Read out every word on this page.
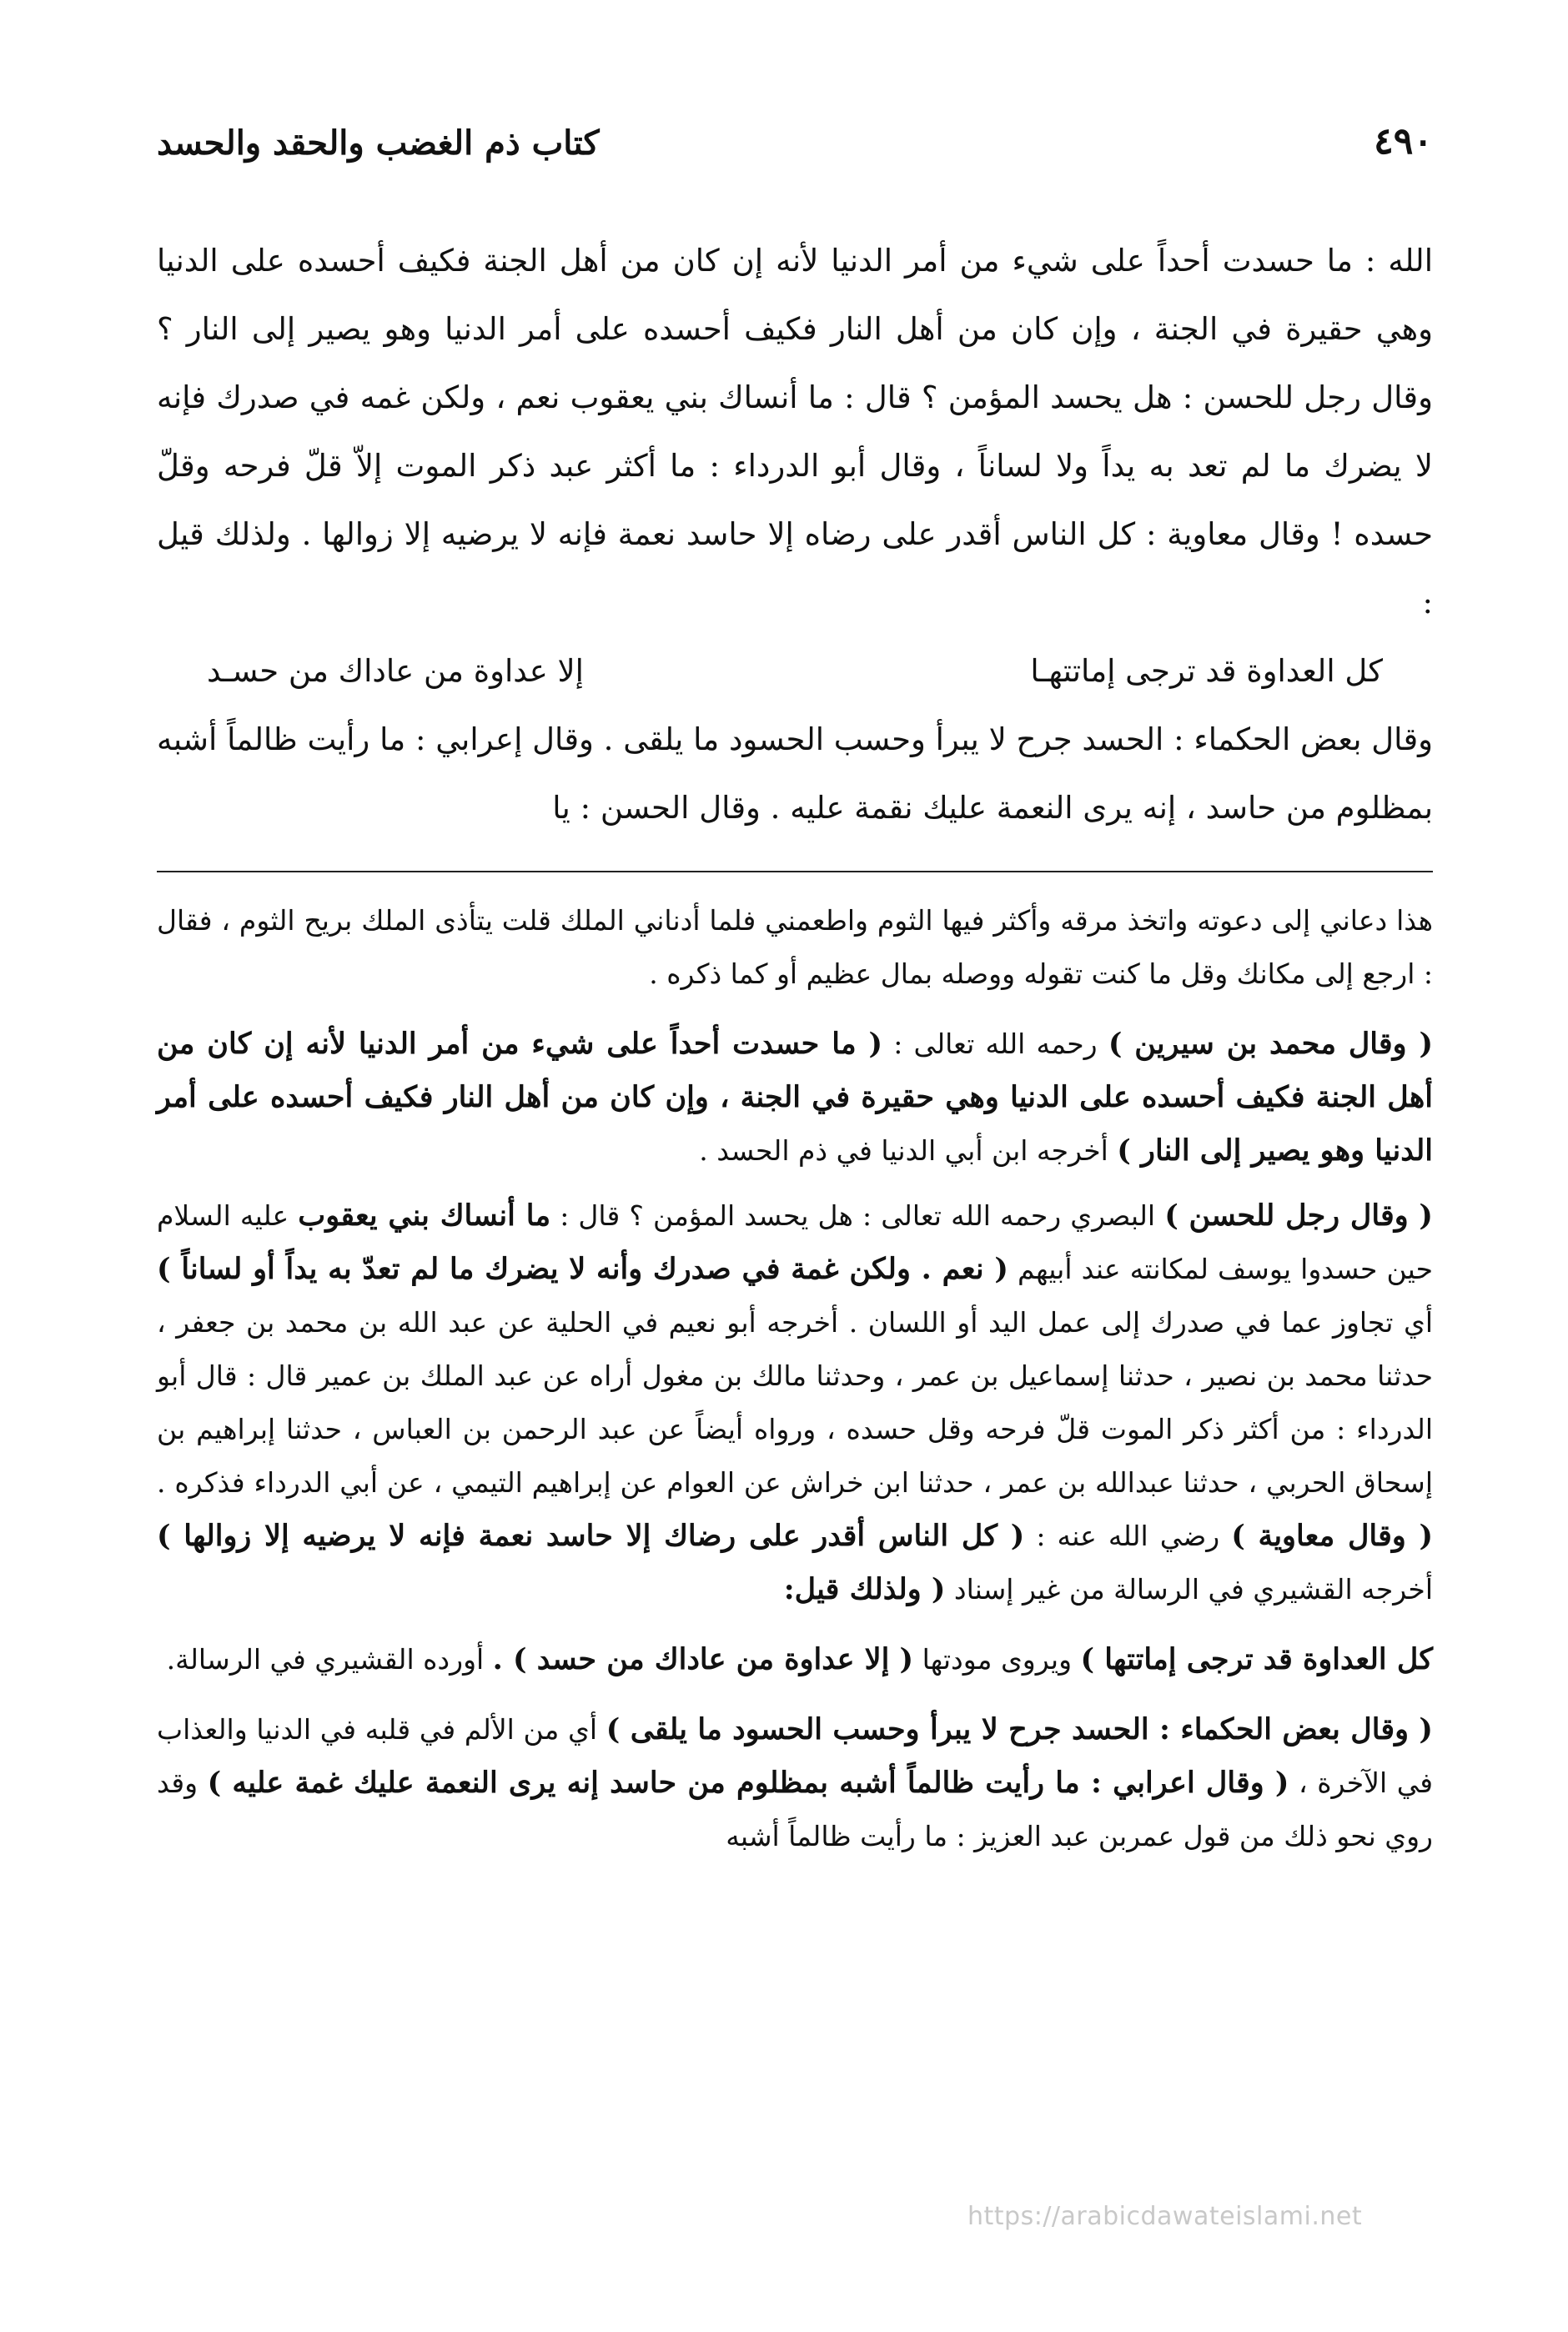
٤٩٠
كتاب ذم الغضب والحقد والحسد

الله : ما حسدت أحداً على شيء من أمر الدنيا لأنه إن كان من أهل الجنة فكيف أحسده على الدنيا وهي حقيرة في الجنة ، وإن كان من أهل النار فكيف أحسده على أمر الدنيا وهو يصير إلى النار ؟ وقال رجل للحسن : هل يحسد المؤمن ؟ قال : ما أنساك بني يعقوب نعم ، ولكن غمه في صدرك فإنه لا يضرك ما لم تعد به يداً ولا لساناً ، وقال أبو الدرداء : ما أكثر عبد ذكر الموت إلاّ قلّ فرحه وقلّ حسده ! وقال معاوية : كل الناس أقدر على رضاه إلا حاسد نعمة فإنه لا يرضيه إلا زوالها . ولذلك قيل :

كل العداوة قد ترجى إماتتهـا
إلا عداوة من عاداك من حسـد

وقال بعض الحكماء : الحسد جرح لا يبرأ وحسب الحسود ما يلقى . وقال إعرابي : ما رأيت ظالماً أشبه بمظلوم من حاسد ، إنه يرى النعمة عليك نقمة عليه . وقال الحسن : يا

هذا دعاني إلى دعوته واتخذ مرقه وأكثر فيها الثوم واطعمني فلما أدناني الملك قلت يتأذى الملك بريح الثوم ، فقال : ارجع إلى مكانك وقل ما كنت تقوله ووصله بمال عظيم أو كما ذكره .

( وقال محمد بن سيرين ) رحمه الله تعالى : ( ما حسدت أحداً على شيء من أمر الدنيا لأنه إن كان من أهل الجنة فكيف أحسده على الدنيا وهي حقيرة في الجنة ، وإن كان من أهل النار فكيف أحسده على أمر الدنيا وهو يصير إلى النار ) أخرجه ابن أبي الدنيا في ذم الحسد .

( وقال رجل للحسن ) البصري رحمه الله تعالى : هل يحسد المؤمن ؟ قال : ما أنساك بني يعقوب عليه السلام حين حسدوا يوسف لمكانته عند أبيهم ( نعم . ولكن غمة في صدرك وأنه لا يضرك ما لم تعدّ به يداً أو لساناً ) أي تجاوز عما في صدرك إلى عمل اليد أو اللسان . أخرجه أبو نعيم في الحلية عن عبد الله بن محمد بن جعفر ، حدثنا محمد بن نصير ، حدثنا إسماعيل بن عمر ، وحدثنا مالك بن مغول أراه عن عبد الملك بن عمير قال : قال أبو الدرداء : من أكثر ذكر الموت قلّ فرحه وقل حسده ، ورواه أيضاً عن عبد الرحمن بن العباس ، حدثنا إبراهيم بن إسحاق الحربي ، حدثنا عبدالله بن عمر ، حدثنا ابن خراش عن العوام عن إبراهيم التيمي ، عن أبي الدرداء فذكره . ( وقال معاوية ) رضي الله عنه : ( كل الناس أقدر على رضاك إلا حاسد نعمة فإنه لا يرضيه إلا زوالها ) أخرجه القشيري في الرسالة من غير إسناد ( ولذلك قيل:

كل العداوة قد ترجى إماتتها ) ويروى مودتها ( إلا عداوة من عاداك من حسد ) . أورده القشيري في الرسالة.

( وقال بعض الحكماء : الحسد جرح لا يبرأ وحسب الحسود ما يلقى ) أي من الألم في قلبه في الدنيا والعذاب في الآخرة ، ( وقال اعرابي : ما رأيت ظالماً أشبه بمظلوم من حاسد إنه يرى النعمة عليك غمة عليه ) وقد روي نحو ذلك من قول عمربن عبد العزيز : ما رأيت ظالماً أشبه

https://arabicdawateislami.net
